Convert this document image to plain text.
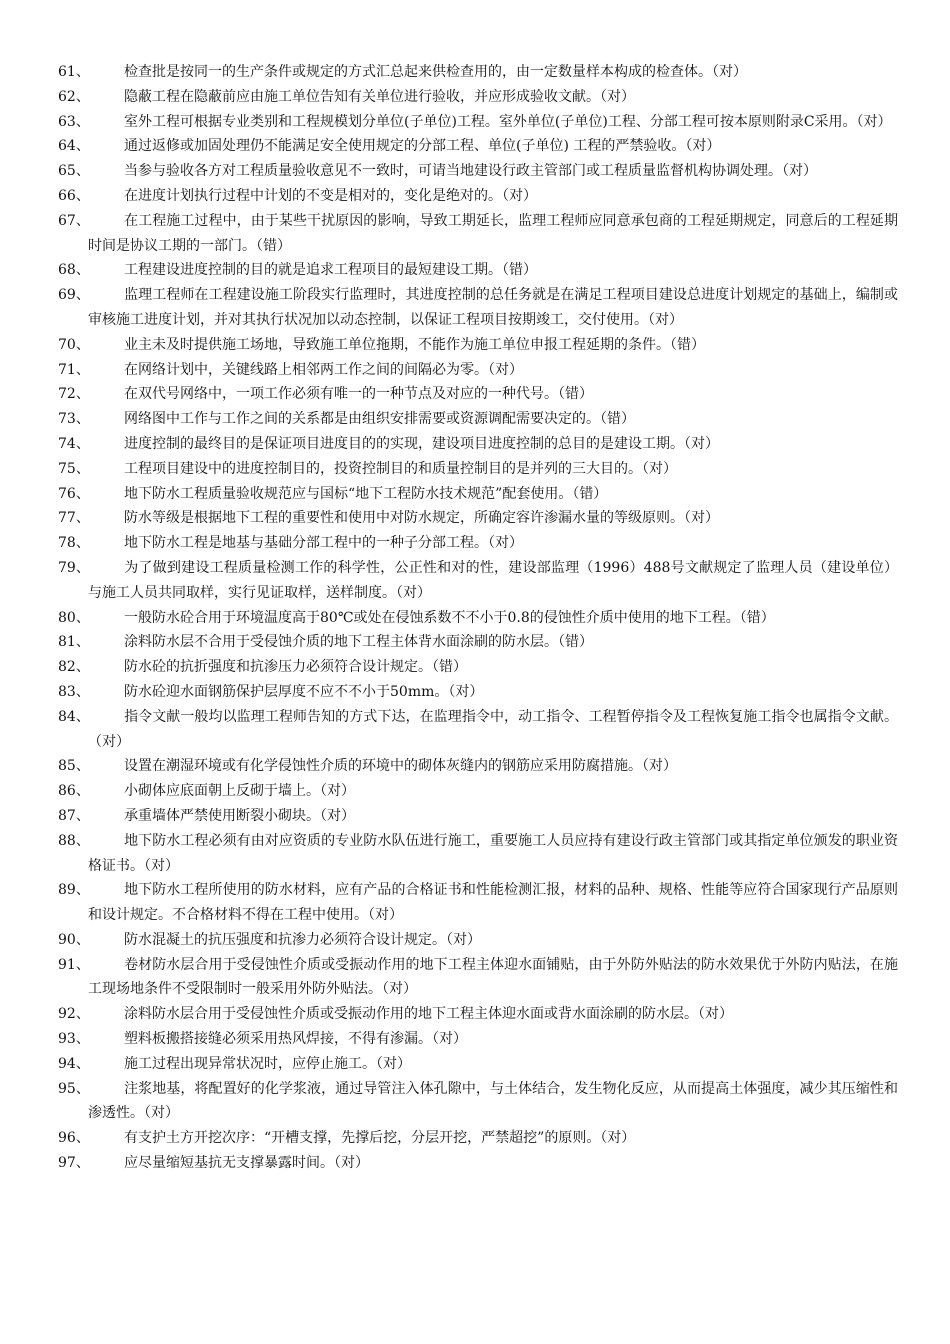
61、 检查批是按同一的生产条件或规定的方式汇总起来供检查用的，由一定数量样本构成的检查体。（对）
62、 隐蔽工程在隐蔽前应由施工单位告知有关单位进行验收，并应形成验收文献。（对）
63、 室外工程可根据专业类别和工程规模划分单位(子单位)工程。室外单位(子单位)工程、分部工程可按本原则附录C采用。（对）
64、 通过返修或加固处理仍不能满足安全使用规定的分部工程、单位(子单位) 工程的严禁验收。（对）
65、 当参与验收各方对工程质量验收意见不一致时，可请当地建设行政主管部门或工程质量监督机构协调处理。（对）
66、 在进度计划执行过程中计划的不变是相对的，变化是绝对的。（对）
67、 在工程施工过程中，由于某些干扰原因的影响，导致工期延长，监理工程师应同意承包商的工程延期规定，同意后的工程延期时间是协议工期的一部门。（错）
68、 工程建设进度控制的目的就是追求工程项目的最短建设工期。（错）
69、 监理工程师在工程建设施工阶段实行监理时，其进度控制的总任务就是在满足工程项目建设总进度计划规定的基础上，编制或审核施工进度计划，并对其执行状况加以动态控制，以保证工程项目按期竣工，交付使用。（对）
70、 业主未及时提供施工场地，导致施工单位拖期，不能作为施工单位申报工程延期的条件。（错）
71、 在网络计划中，关键线路上相邻两工作之间的间隔必为零。（对）
72、 在双代号网络中，一项工作必须有唯一的一种节点及对应的一种代号。（错）
73、 网络图中工作与工作之间的关系都是由组织安排需要或资源调配需要决定的。（错）
74、 进度控制的最终目的是保证项目进度目的的实现，建设项目进度控制的总目的是建设工期。（对）
75、 工程项目建设中的进度控制目的，投资控制目的和质量控制目的是并列的三大目的。（对）
76、 地下防水工程质量验收规范应与国标“地下工程防水技术规范”配套使用。（错）
77、 防水等级是根据地下工程的重要性和使用中对防水规定，所确定容许渗漏水量的等级原则。（对）
78、 地下防水工程是地基与基础分部工程中的一种子分部工程。（对）
79、 为了做到建设工程质量检测工作的科学性，公正性和对的性，建设部监理（1996）488号文献规定了监理人员（建设单位）与施工人员共同取样，实行见证取样，送样制度。（对）
80、 一般防水砼合用于环境温度高于80℃或处在侵蚀系数不不小于0.8的侵蚀性介质中使用的地下工程。（错）
81、 涂料防水层不合用于受侵蚀介质的地下工程主体背水面涂刷的防水层。（错）
82、 防水砼的抗折强度和抗渗压力必须符合设计规定。（错）
83、 防水砼迎水面钢筋保护层厚度不应不不小于50mm。（对）
84、 指令文献一般均以监理工程师告知的方式下达，在监理指令中，动工指令、工程暂停指令及工程恢复施工指令也属指令文献。（对）
85、 设置在潮湿环境或有化学侵蚀性介质的环境中的砌体灰缝内的钢筋应采用防腐措施。（对）
86、 小砌体应底面朝上反砌于墙上。（对）
87、 承重墙体严禁使用断裂小砌块。（对）
88、 地下防水工程必须有由对应资质的专业防水队伍进行施工，重要施工人员应持有建设行政主管部门或其指定单位颁发的职业资格证书。（对）
89、 地下防水工程所使用的防水材料，应有产品的合格证书和性能检测汇报，材料的品种、规格、性能等应符合国家现行产品原则和设计规定。不合格材料不得在工程中使用。（对）
90、 防水混凝土的抗压强度和抗渗力必须符合设计规定。（对）
91、 卷材防水层合用于受侵蚀性介质或受振动作用的地下工程主体迎水面铺贴，由于外防外贴法的防水效果优于外防内贴法，在施工现场地条件不受限制时一般采用外防外贴法。（对）
92、 涂料防水层合用于受侵蚀性介质或受振动作用的地下工程主体迎水面或背水面涂刷的防水层。（对）
93、 塑料板搬搭接缝必须采用热风焊接，不得有渗漏。（对）
94、 施工过程出现异常状况时，应停止施工。（对）
95、 注浆地基，将配置好的化学浆液，通过导管注入体孔隙中，与土体结合，发生物化反应，从而提高土体强度，减少其压缩性和渗透性。（对）
96、 有支护土方开挖次序：“开槽支撑，先撑后挖，分层开挖，严禁超挖”的原则。（对）
97、 应尽量缩短基抗无支撑暴露时间。（对）
